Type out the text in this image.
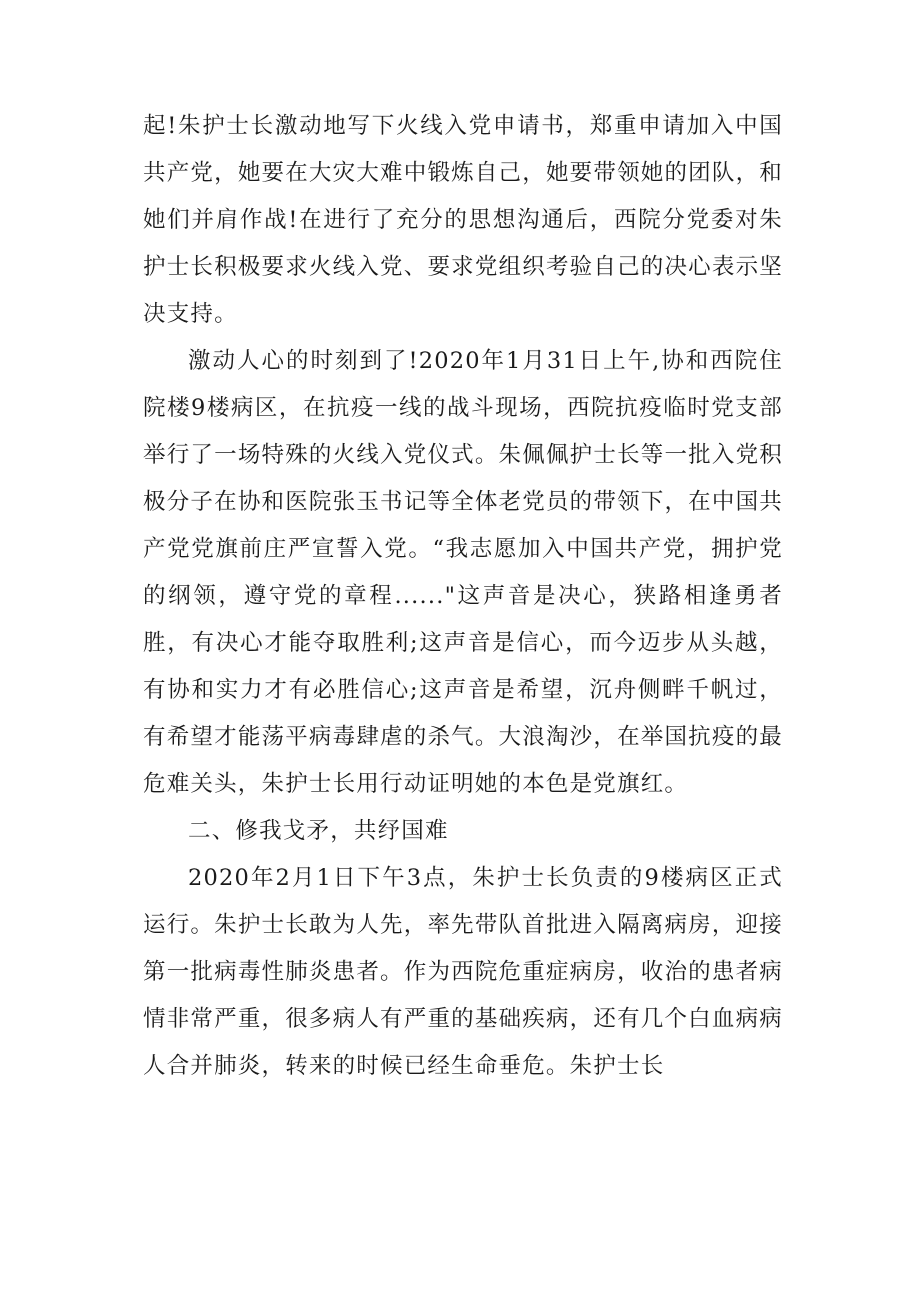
起!朱护士长激动地写下火线入党申请书，郑重申请加入中国共产党，她要在大灾大难中锻炼自己，她要带领她的团队，和她们并肩作战!在进行了充分的思想沟通后，西院分党委对朱护士长积极要求火线入党、要求党组织考验自己的决心表示坚决支持。

激动人心的时刻到了!2020年1月31日上午,协和西院住院楼9楼病区，在抗疫一线的战斗现场，西院抗疫临时党支部举行了一场特殊的火线入党仪式。朱佩佩护士长等一批入党积极分子在协和医院张玉书记等全体老党员的带领下，在中国共产党党旗前庄严宣誓入党。“我志愿加入中国共产党，拥护党的纲领，遵守党的章程......"这声音是决心，狭路相逢勇者胜，有决心才能夺取胜利;这声音是信心，而今迈步从头越，有协和实力才有必胜信心;这声音是希望，沉舟侧畔千帆过，有希望才能荡平病毒肆虐的杀气。大浪淘沙，在举国抗疫的最危难关头，朱护士长用行动证明她的本色是党旗红。

二、修我戈矛，共纾国难

2020年2月1日下午3点，朱护士长负责的9楼病区正式运行。朱护士长敢为人先，率先带队首批进入隔离病房，迎接第一批病毒性肺炎患者。作为西院危重症病房，收治的患者病情非常严重，很多病人有严重的基础疾病，还有几个白血病病人合并肺炎，转来的时候已经生命垂危。朱护士长
